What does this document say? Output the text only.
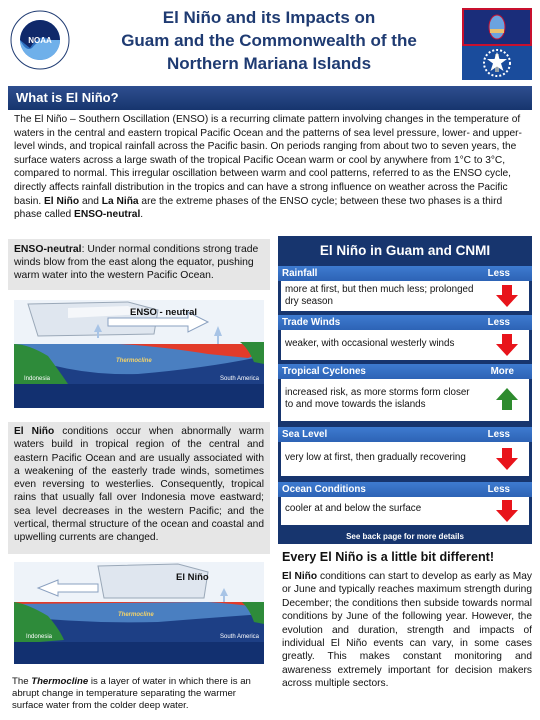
NOAA
El Niño and its Impacts on
Guam and the Commonwealth of the
Northern Mariana Islands
What is El Niño?
The El Niño – Southern Oscillation (ENSO) is a recurring climate pattern involving changes in the temperature of waters in the central and eastern tropical Pacific Ocean and the patterns of sea level pressure, lower- and upper-level winds, and tropical rainfall across the Pacific basin. On periods ranging from about two to seven years, the surface waters across a large swath of the tropical Pacific Ocean warm or cool by anywhere from 1°C to 3°C, compared to normal. This irregular oscillation between warm and cool patterns, referred to as the ENSO cycle, directly affects rainfall distribution in the tropics and can have a strong influence on weather across the Pacific basin. El Niño and La Niña are the extreme phases of the ENSO cycle; between these two phases is a third phase called ENSO-neutral.
ENSO-neutral: Under normal conditions strong trade winds blow from the east along the equator, pushing warm water into the western Pacific Ocean.
ENSO - neutral
Indonesia	South America
Thermocline
El Niño conditions occur when abnormally warm waters build in tropical region of the central and eastern Pacific Ocean and are usually associated with a weakening of the easterly trade winds, sometimes even reversing to westerlies. Consequently, tropical rains that usually fall over Indonesia move eastward; sea level decreases in the western Pacific; and the vertical, thermal structure of the ocean and coastal and upwelling currents are changed.
El Niño
Indonesia	South America
Thermocline
The Thermocline is a layer of water in which there is an abrupt change in temperature separating the warmer surface water from the colder deep water.
El Niño in Guam and CNMI
Rainfall	Less
more at first, but then much less; prolonged dry season
Trade Winds	Less
weaker, with occasional westerly winds
Tropical Cyclones	More
increased risk, as more storms form closer to and move towards the islands
Sea Level	Less
very low at first, then gradually recovering
Ocean Conditions	Less
cooler at and below the surface
See back page for more details
Every El Niño is a little bit different!
El Niño conditions can start to develop as early as May or June and typically reaches maximum strength during December; the conditions then subside towards normal conditions by June of the following year. However, the evolution and duration, strength and impacts of individual El Niño events can vary, in some cases greatly. This makes constant monitoring and awareness extremely important for decision makers across multiple sectors.
